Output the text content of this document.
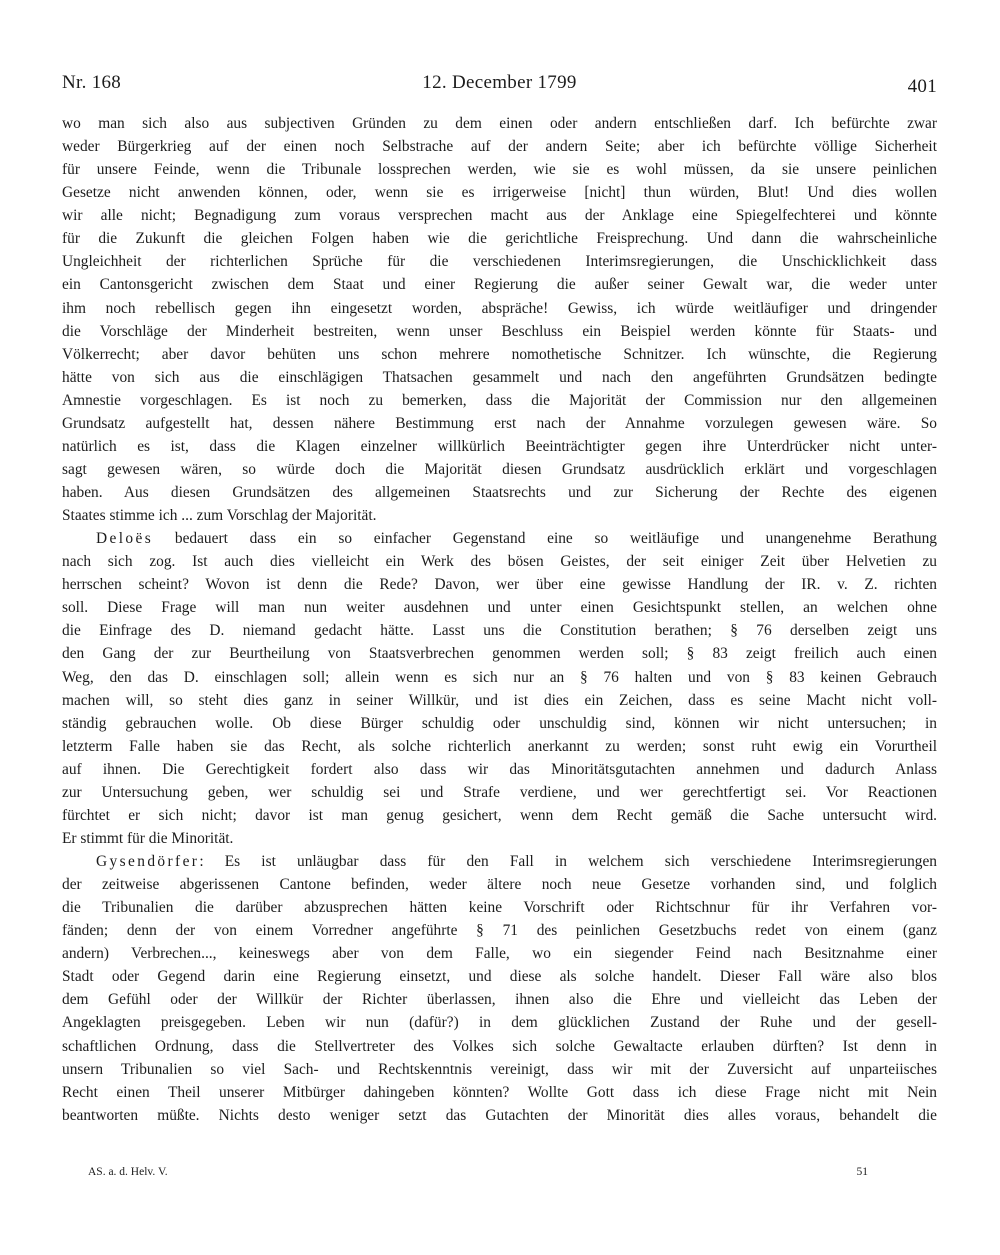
Nr. 168	12. December 1799	401
wo man sich also aus subjectiven Gründen zu dem einen oder andern entschließen darf. Ich befürchte zwar
weder Bürgerkrieg auf der einen noch Selbstrache auf der andern Seite; aber ich befürchte völlige Sicherheit
für unsere Feinde, wenn die Tribunale lossprechen werden, wie sie es wohl müssen, da sie unsere peinlichen
Gesetze nicht anwenden können, oder, wenn sie es irrigerweise [nicht] thun würden, Blut! Und dies wollen
wir alle nicht; Begnadigung zum voraus versprechen macht aus der Anklage eine Spiegelfechterei und könnte
für die Zukunft die gleichen Folgen haben wie die gerichtliche Freisprechung. Und dann die wahrscheinliche
Ungleichheit der richterlichen Sprüche für die verschiedenen Interimsregierungen, die Unschicklichkeit dass
ein Cantonsgericht zwischen dem Staat und einer Regierung die außer seiner Gewalt war, die weder unter
ihm noch rebellisch gegen ihn eingesetzt worden, abspräche! Gewiss, ich würde weitläufiger und dringender
die Vorschläge der Minderheit bestreiten, wenn unser Beschluss ein Beispiel werden könnte für Staats- und
Völkerrecht; aber davor behüten uns schon mehrere nomothetische Schnitzer. Ich wünschte, die Regierung
hätte von sich aus die einschlägigen Thatsachen gesammelt und nach den angeführten Grundsätzen bedingte
Amnestie vorgeschlagen. Es ist noch zu bemerken, dass die Majorität der Commission nur den allgemeinen
Grundsatz aufgestellt hat, dessen nähere Bestimmung erst nach der Annahme vorzulegen gewesen wäre. So
natürlich es ist, dass die Klagen einzelner willkürlich Beeinträchtigter gegen ihre Unterdrücker nicht unter-
sagt gewesen wären, so würde doch die Majorität diesen Grundsatz ausdrücklich erklärt und vorgeschlagen
haben. Aus diesen Grundsätzen des allgemeinen Staatsrechts und zur Sicherung der Rechte des eigenen
Staates stimme ich ... zum Vorschlag der Majorität.
Deloës bedauert dass ein so einfacher Gegenstand eine so weitläufige und unangenehme Berathung
nach sich zog. Ist auch dies vielleicht ein Werk des bösen Geistes, der seit einiger Zeit über Helvetien zu
herrschen scheint? Wovon ist denn die Rede? Davon, wer über eine gewisse Handlung der IR. v. Z. richten
soll. Diese Frage will man nun weiter ausdehnen und unter einen Gesichtspunkt stellen, an welchen ohne
die Einfrage des D. niemand gedacht hätte. Lasst uns die Constitution berathen; § 76 derselben zeigt uns
den Gang der zur Beurtheilung von Staatsverbrechen genommen werden soll; § 83 zeigt freilich auch einen
Weg, den das D. einschlagen soll; allein wenn es sich nur an § 76 halten und von § 83 keinen Gebrauch
machen will, so steht dies ganz in seiner Willkür, und ist dies ein Zeichen, dass es seine Macht nicht voll-
ständig gebrauchen wolle. Ob diese Bürger schuldig oder unschuldig sind, können wir nicht untersuchen; in
letzterm Falle haben sie das Recht, als solche richterlich anerkannt zu werden; sonst ruht ewig ein Vorurtheil
auf ihnen. Die Gerechtigkeit fordert also dass wir das Minoritätsgutachten annehmen und dadurch Anlass
zur Untersuchung geben, wer schuldig sei und Strafe verdiene, und wer gerechtfertigt sei. Vor Reactionen
fürchtet er sich nicht; davor ist man genug gesichert, wenn dem Recht gemäß die Sache untersucht wird.
Er stimmt für die Minorität.
Gysendörfer: Es ist unläugbar dass für den Fall in welchem sich verschiedene Interimsregierungen
der zeitweise abgerissenen Cantone befinden, weder ältere noch neue Gesetze vorhanden sind, und folglich
die Tribunalien die darüber abzusprechen hätten keine Vorschrift oder Richtschnur für ihr Verfahren vor-
fänden; denn der von einem Vorredner angeführte § 71 des peinlichen Gesetzbuchs redet von einem (ganz
andern) Verbrechen..., keineswegs aber von dem Falle, wo ein siegender Feind nach Besitznahme einer
Stadt oder Gegend darin eine Regierung einsetzt, und diese als solche handelt. Dieser Fall wäre also blos
dem Gefühl oder der Willkür der Richter überlassen, ihnen also die Ehre und vielleicht das Leben der
Angeklagten preisgegeben. Leben wir nun (dafür?) in dem glücklichen Zustand der Ruhe und der gesell-
schaftlichen Ordnung, dass die Stellvertreter des Volkes sich solche Gewaltacte erlauben dürften? Ist denn in
unsern Tribunalien so viel Sach- und Rechtskenntnis vereinigt, dass wir mit der Zuversicht auf unparteiisches
Recht einen Theil unserer Mitbürger dahingeben könnten? Wollte Gott dass ich diese Frage nicht mit Nein
beantworten müßte. Nichts desto weniger setzt das Gutachten der Minorität dies alles voraus, behandelt die
AS. a. d. Helv. V.	51
